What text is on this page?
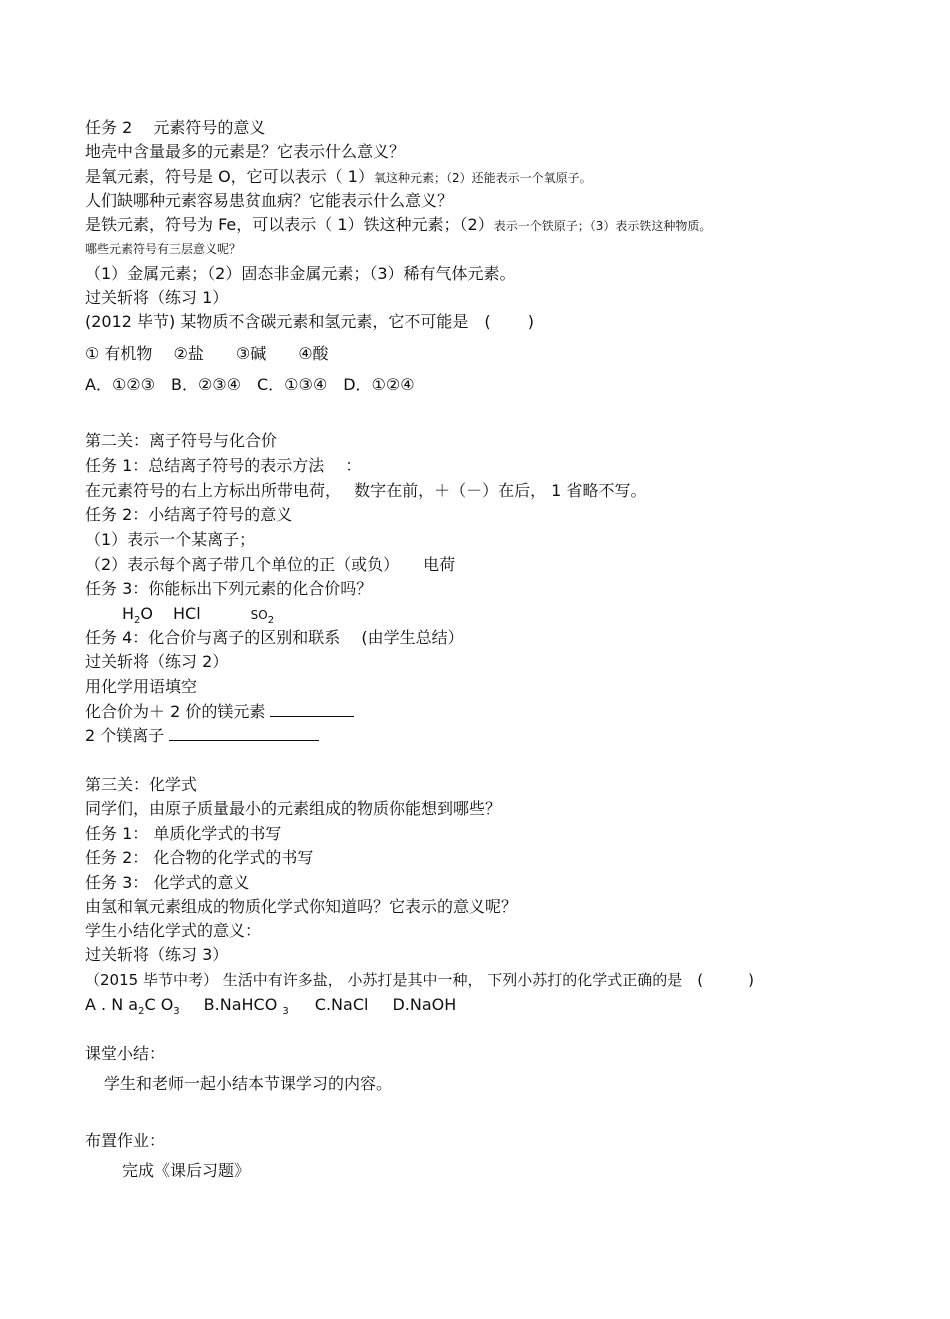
任务 2　 元素符号的意义
地壳中含量最多的元素是？它表示什么意义？
是氧元素，符号是 O，它可以表示（ 1）氧这种元素；（2）还能表示一个氧原子。
人们缺哪种元素容易患贫血病？它能表示什么意义？
是铁元素，符号为 Fe，可以表示（ 1）铁这种元素；（2）表示一个铁原子；（3）表示铁这种物质。
哪些元素符号有三层意义呢？
（1）金属元素；（2）固态非金属元素；（3）稀有气体元素。
过关斩将（练习 1）
(2012 毕节) 某物质不含碳元素和氢元素，它不可能是　(　　 )
① 有机物　 ②盐　　③碱　　④酸
A．①②③　B．②③④　C．①③④　D．①②④
第二关：离子符号与化合价
任务 1：总结离子符号的表示方法　 ：
在元素符号的右上方标出所带电荷，　 数字在前，＋（－）在后， 1 省略不写。
任务 2：小结离子符号的意义
（1）表示一个某离子；
（2）表示每个离子带几个单位的正（或负）　　电荷
任务 3：你能标出下列元素的化合价吗？
$H_2O$ HCl	$SO_2$
任务 4：化合价与离子的区别和联系　 (由学生总结）
过关斩将（练习 2）
用化学用语填空
化合价为＋ 2 价的镁元素
2 个镁离子
第三关：化学式
同学们，由原子质量最小的元素组成的物质你能想到哪些？
任务 1： 单质化学式的书写
任务 2： 化合物的化学式的书写
任务 3： 化学式的意义
由氢和氧元素组成的物质化学式你知道吗？它表示的意义呢？
学生小结化学式的意义：
过关斩将（练习 3）
（2015 毕节中考） 生活中有许多盐， 小苏打是其中一种， 下列小苏打的化学式正确的是　(　　　)
A . N $a_2C$ $O_3$ B.NaHCO $_3$ C.NaCl D.NaOH
课堂小结：
学生和老师一起小结本节课学习的内容。
布置作业：
完成《课后习题》
